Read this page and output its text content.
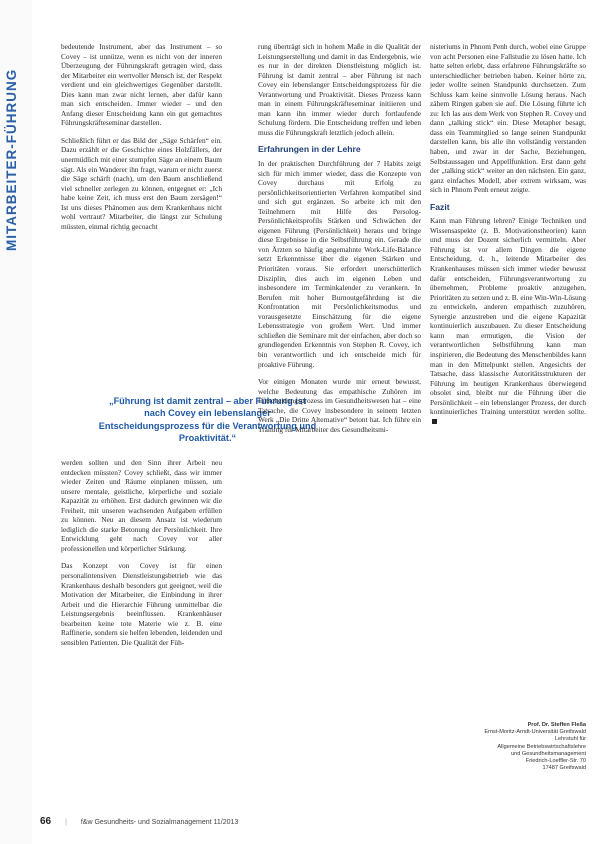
MITARBEITER-FÜHRUNG

bedeutende Instrument, aber das Instrument – so Covey – ist unnütze, wenn es nicht von der inneren Überzeugung der Führungskraft getragen wird, dass der Mitarbeiter ein wertvoller Mensch ist, der Respekt verdient und ein gleichwertiges Gegenüber darstellt. Dies kann man zwar nicht lernen, aber dafür kann man sich entscheiden. Immer wieder – und den Anfang dieser Entscheidung kann ein gut gemachtes Führungskräfteseminar darstellen.

Schließlich führt er das Bild der „Säge Schärfen“ ein. Dazu erzählt er die Geschichte eines Holzfällers, der unermüdlich mit einer stumpfen Säge an einem Baum sägt. Als ein Wanderer ihn fragt, warum er nicht zuerst die Säge schärft (nach), um den Baum anschließend viel schneller zerlegen zu können, entgegnet er: „Ich habe keine Zeit, ich muss erst den Baum zersägen!“ Ist uns dieses Phänomen aus dem Krankenhaus nicht wohl vertraut? Mitarbeiter, die längst zur Schulung müssten, einmal richtig gecoacht

„Führung ist damit zentral – aber Führung ist nach Covey ein lebenslanger Entscheidungsprozess für die Verantwortung und Proaktivität.“

werden sollten und den Sinn ihrer Arbeit neu entdecken müssten? Covey schließt, dass wir immer wieder Zeiten und Räume einplanen müssen, um unsere mentale, geistliche, körperliche und soziale Kapazität zu erhöhen. Erst dadurch gewinnen wir die Freiheit, mit unseren wachsenden Aufgaben erfüllen zu können. Neu an diesem Ansatz ist wiederum lediglich die starke Betonung der Persönlichkeit. Ihre Entwicklung geht nach Covey vor aller professionellen und körperlicher Stärkung.

Das Konzept von Covey ist für einen personalintensiven Dienstleistungsbetrieb wie das Krankenhaus deshalb besonders gut geeignet, weil die Motivation der Mitarbeiter, die Einbindung in ihrer Arbeit und die Hierarchie Führung unmittelbar die Leistungsergebnis beeinflussen. Krankenhäuser bearbeiten keine tote Materie wie z. B. eine Raffinerie, sondern sie helfen lebenden, leidenden und sensiblen Patienten. Die Qualität der Füh-

rung überträgt sich in hohem Maße in die Qualität der Leistungserstellung und damit in das Endergebnis, wie es nur in der direkten Dienstleistung möglich ist. Führung ist damit zentral – aber Führung ist nach Covey ein lebenslanger Entscheidungsprozess für die Verantwortung und Proaktivität. Dieses Prozess kann man in einem Führungskräfteseminar initiieren und man kann ihn immer wieder durch fortlaufende Schulung fördern. Die Entscheidung treffen und leben muss die Führungskraft letztlich jedoch allein.

Erfahrungen in der Lehre

In der praktischen Durchführung der 7 Habits zeigt sich für mich immer wieder, dass die Konzepte von Covey durchaus mit Erfolg zu persönlichkeitsorientierten Verfahren kompatibel sind und sich gut ergänzen. So arbeite ich mit den Teilnehmern mit Hilfe des Persolog-Persönlichkeitsprofils Stärken und Schwächen der eigenen Führung (Persönlichkeit) heraus und bringe diese Ergebnisse in die Selbstführung ein. Gerade die von Ärzten so häufig angemahnte Work-Life-Balance setzt Erkenntnisse über die eigenen Stärken und Prioritäten voraus. Sie erfordert unerschütterlich Disziplin, dies auch im eigenen Leben und insbesondere im Terminkalender zu verankern. In Berufen mit hoher Burnoutgefährdung ist die Konfrontation mit Persönlichkeitsmodus und vorausgesetzte Einschätzung für die eigene Lebensstrategie von großem Wert. Und immer schließen die Seminare mit der einfachen, aber doch so grundlegenden Erkenntnis von Stephen R. Covey, ich bin verantwortlich und ich entscheide mich für proaktive Führung.

Vor einigen Monaten wurde mir erneut bewusst, welche Bedeutung das empathische Zuhören im Entscheidungsprozess im Gesundheitswesen hat – eine Tatsache, die Covey insbesondere in seinem letzten Werk „Die Dritte Alternative“ betont hat. Ich führe ein Training für Mitarbeiter des Gesundheitsmi-

nisteriums in Phnom Penh durch, wobei eine Gruppe von acht Personen eine Fallstudie zu lösen hatte. Ich hatte selten erlebt, dass erfahrene Führungskräfte so unterschiedlicher betrieben haben. Keiner hörte zu, jeder wollte seinen Standpunkt durchsetzen. Zum Schluss kam keine sinnvolle Lösung heraus. Nach zähem Ringen gaben sie auf. Die Lösung führte ich zu: Ich las aus dem Werk von Stephen R. Covey und dann „talking stick“ ein. Diese Metapher besagt, dass ein Teammitglied so lange seinen Standpunkt darstellen kann, bis alle ihn vollständig verstanden haben, und zwar in der Sache, Beziehungen, Selbstaussagen und Appellfunktion. Erst dann geht der „talking stick“ weiter an den nächsten. Ein ganz, ganz einfaches Modell, aber extrem wirksam, was sich in Phnom Penh erneut zeigte.

Fazit

Kann man Führung lehren? Einige Techniken und Wissensaspekte (z. B. Motivationstheorien) kann und muss der Dozent sicherlich vermitteln. Aber Führung ist vor allem Dingen die eigene Entscheidung, d. h., leitende Mitarbeiter des Krankenhauses müssen sich immer wieder bewusst dafür entscheiden, Führungsverantwortung zu übernehmen, Probleme proaktiv anzugehen, Prioritäten zu setzen und z. B. eine Win-Win-Lösung zu entwickeln, anderen empathisch zuzuhören, Synergie anzustreben und die eigene Kapazität kontinuierlich auszubauen. Zu dieser Entscheidung kann man ermutigen, die Vision der verantwortlichen Selbstführung kann man inspirieren, die Bedeutung des Menschenbildes kann man in den Mittelpunkt stellen. Angesichts der Tatsache, dass klassische Autoritätsstrukturen der Führung im heutigen Krankenhaus überwiegend obsolet sind, bleibt nur die Führung über die Persönlichkeit – ein lebenslanger Prozess, der durch kontinuierliches Training unterstützt werden sollte.

Prof. Dr. Steffen Fleßa
Ernst-Moritz-Arndt-Universität Greifswald
Lehrstuhl für
Allgemeine Betriebswirtschaftslehre
und Gesundheitsmanagement
Friedrich-Loeffler-Str. 70
17487 Greifswald
66 | f&w Gesundheits- und Sozialmanagement 11/2013
